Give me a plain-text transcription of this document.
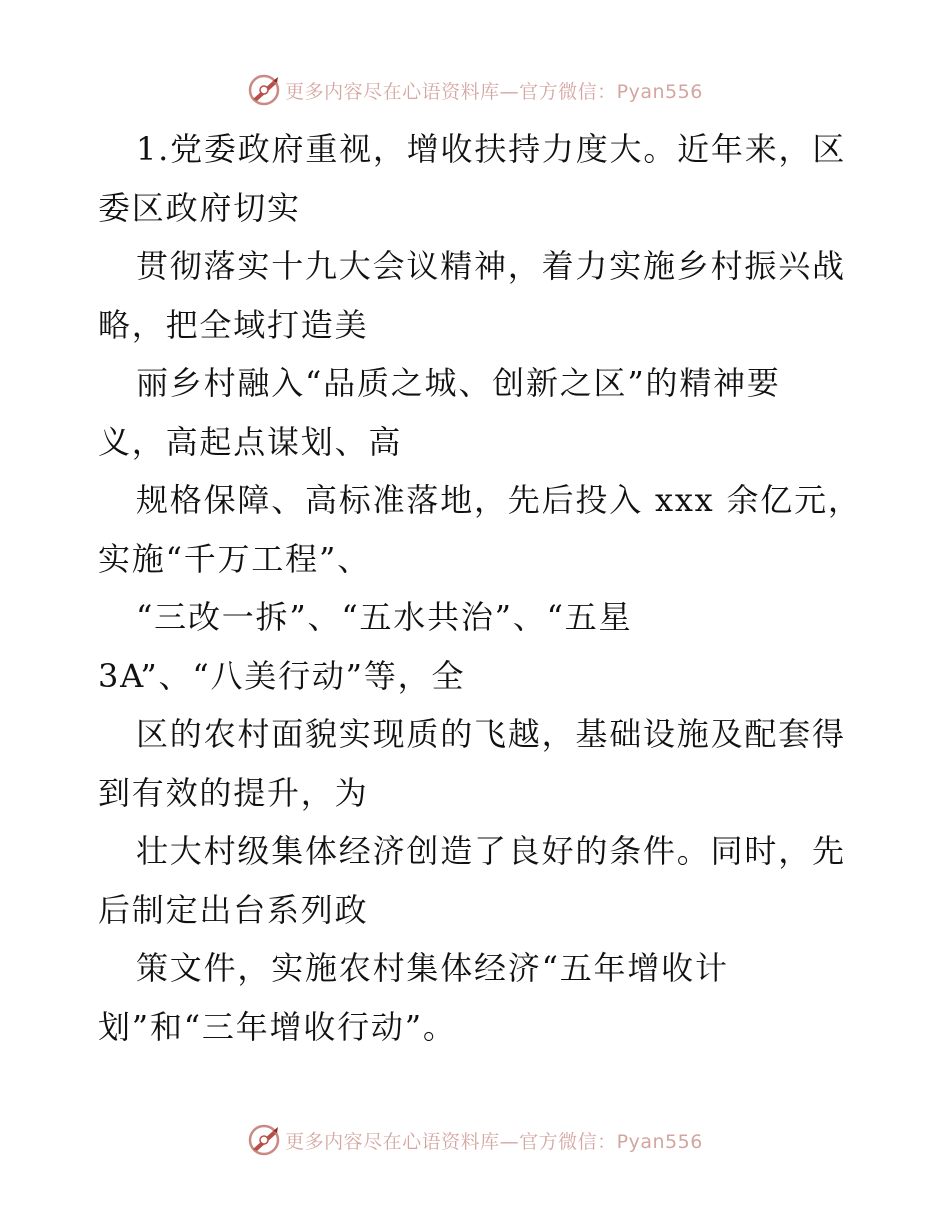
更多内容尽在心语资料库—官方微信：Pyan556
1.党委政府重视，增收扶持力度大。近年来，区
委区政府切实
贯彻落实十九大会议精神，着力实施乡村振兴战
略，把全域打造美
丽乡村融入“品质之城、创新之区”的精神要
义，高起点谋划、高
规格保障、高标准落地，先后投入 xxx 余亿元，
实施“千万工程”、
“三改一拆”、“五水共治”、“五星
3A”、“八美行动”等，全
区的农村面貌实现质的飞越，基础设施及配套得
到有效的提升，为
壮大村级集体经济创造了良好的条件。同时，先
后制定出台系列政
策文件，实施农村集体经济“五年增收计
划”和“三年增收行动”。
更多内容尽在心语资料库—官方微信：Pyan556
